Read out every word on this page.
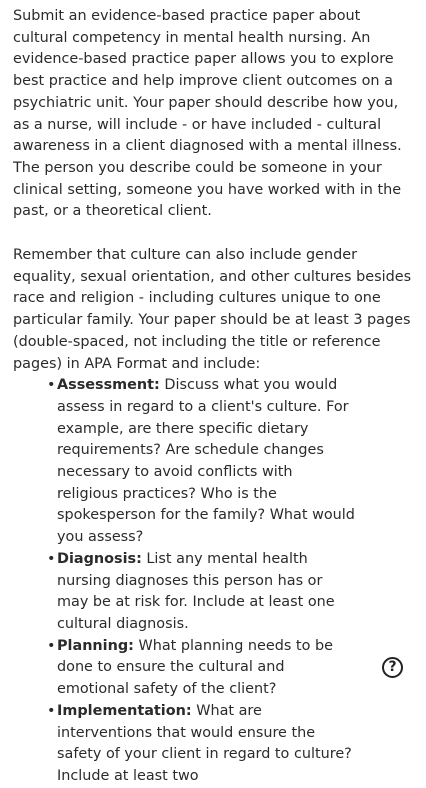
Submit an evidence-based practice paper about cultural competency in mental health nursing. An evidence-based practice paper allows you to explore best practice and help improve client outcomes on a psychiatric unit. Your paper should describe how you, as a nurse, will include - or have included - cultural awareness in a client diagnosed with a mental illness. The person you describe could be someone in your clinical setting, someone you have worked with in the past, or a theoretical client.

Remember that culture can also include gender equality, sexual orientation, and other cultures besides race and religion - including cultures unique to one particular family. Your paper should be at least 3 pages (double-spaced, not including the title or reference pages) in APA Format and include:

• Assessment: Discuss what you would assess in regard to a client's culture. For example, are there specific dietary requirements? Are schedule changes necessary to avoid conflicts with religious practices? Who is the spokesperson for the family? What would you assess?
• Diagnosis: List any mental health nursing diagnoses this person has or may be at risk for. Include at least one cultural diagnosis.
• Planning: What planning needs to be done to ensure the cultural and emotional safety of the client?
• Implementation: What are interventions that would ensure the safety of your client in regard to culture? Include at least two
?
